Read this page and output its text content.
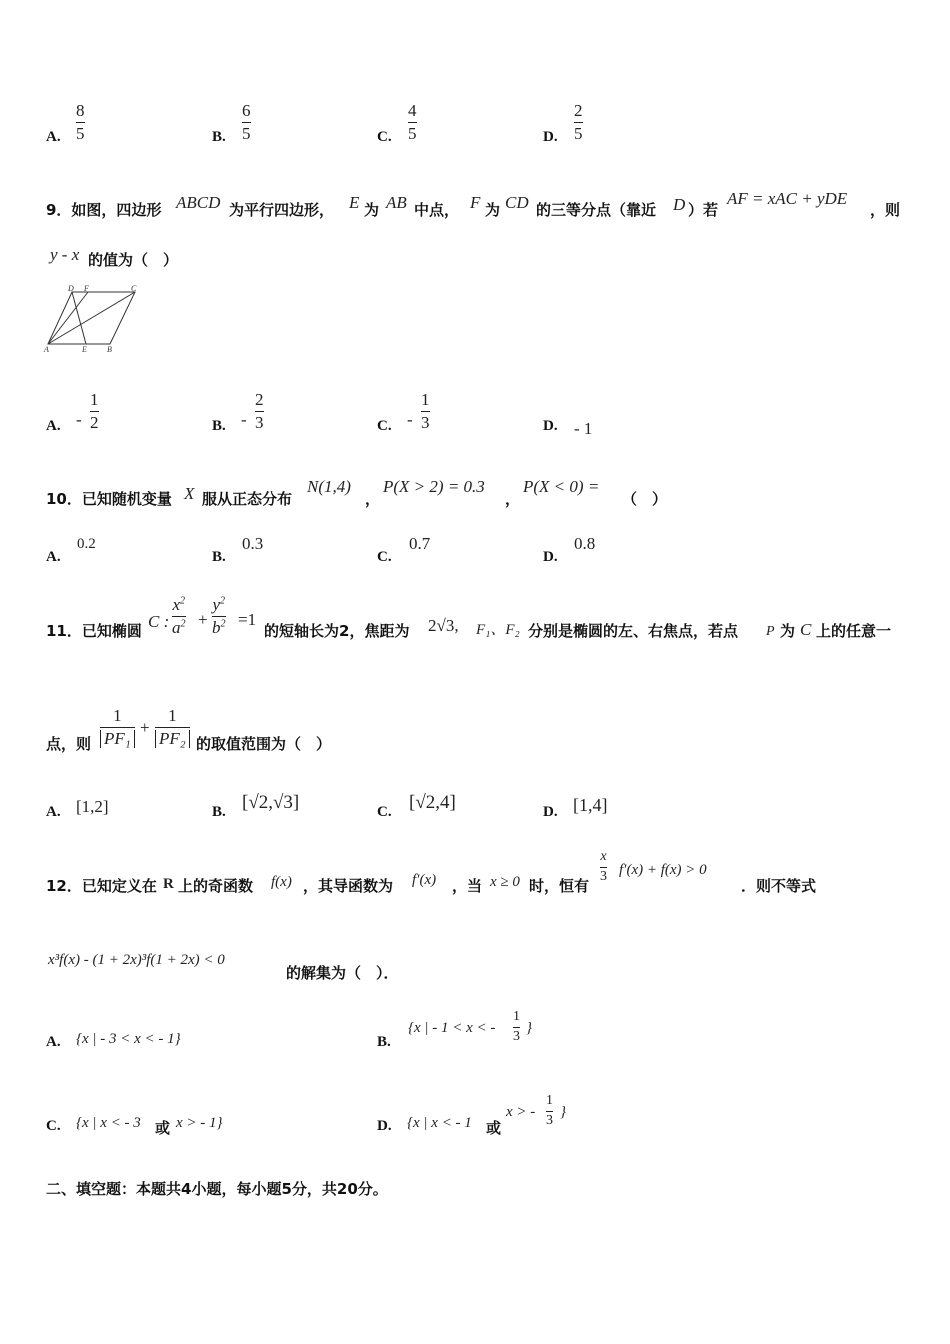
A.
8
5	B.
6
5	C.
4
5	D.
2
5
9．如图，四边形 ABCD 为平行四边形， E 为 AB 中点， F 为 CD 的三等分点（靠近 D ）若
AF = xAC + yDE
，则
y - x 的值为（　）
D F	C
A	E	B
A. -
1
2	B. -
2
3	C. -
1
3	D. - 1
10．已知随机变量 X 服从正态分布
N(1,4)
，
P(X > 2) = 0.3
，
P(X < 0) =
（　）
A.
0.2
B.
0.3
C.
0.7
D.
0.8
11．已知椭圆 C :
$x^2$
$a^2$ +
$y^2$
$b^2 =1$
的短轴长为2，焦距为 2√3, F₁、F₂ 分别是椭圆的左、右焦点，若点 P 为 C 上的任意一
点，则
1
PF₁
+
1
PF₂ 的取值范围为（　）
A. [1,2]	B. [√2,√3]	C. [√2,4]	D. [1,4]
12．已知定义在 R 上的奇函数 f(x) ，其导函数为 f′(x) ，当 x ≥ 0 时，恒有
x
3 f′(x) + f(x) > 0
．则不等式
x³f(x) - (1 + 2x)³f(1 + 2x) < 0
的解集为（　）．
A. {x | - 3 < x < - 1}	B.
{x | - 1 < x < -
1
3
}
C. {x | x < - 3 或 x > - 1}	D. {x | x < - 1 或
x > -
1
3
}
二、填空题：本题共4小题，每小题5分，共20分。
